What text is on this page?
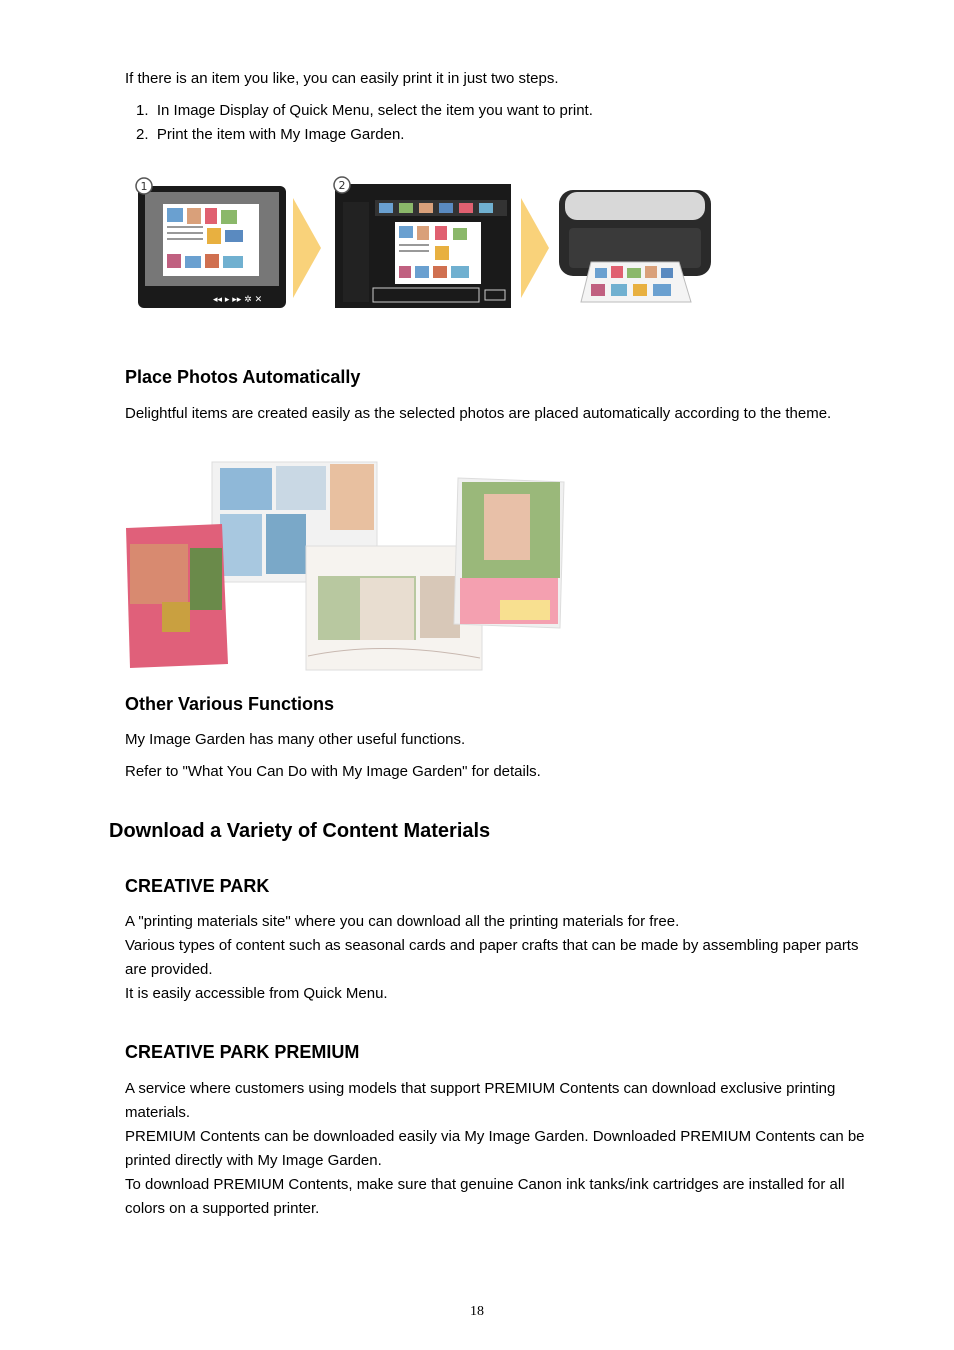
If there is an item you like, you can easily print it in just two steps.
1. In Image Display of Quick Menu, select the item you want to print.
2. Print the item with My Image Garden.
◂◂ ▸ ▸▸ ✲ ✕
1	2
Place Photos Automatically
Delightful items are created easily as the selected photos are placed automatically according to the theme.
Other Various Functions
My Image Garden has many other useful functions.
Refer to "What You Can Do with My Image Garden" for details.
Download a Variety of Content Materials
CREATIVE PARK
A "printing materials site" where you can download all the printing materials for free.
Various types of content such as seasonal cards and paper crafts that can be made by assembling paper parts are provided.
It is easily accessible from Quick Menu.
CREATIVE PARK PREMIUM
A service where customers using models that support PREMIUM Contents can download exclusive printing materials.
PREMIUM Contents can be downloaded easily via My Image Garden. Downloaded PREMIUM Contents can be printed directly with My Image Garden.
To download PREMIUM Contents, make sure that genuine Canon ink tanks/ink cartridges are installed for all colors on a supported printer.
18
